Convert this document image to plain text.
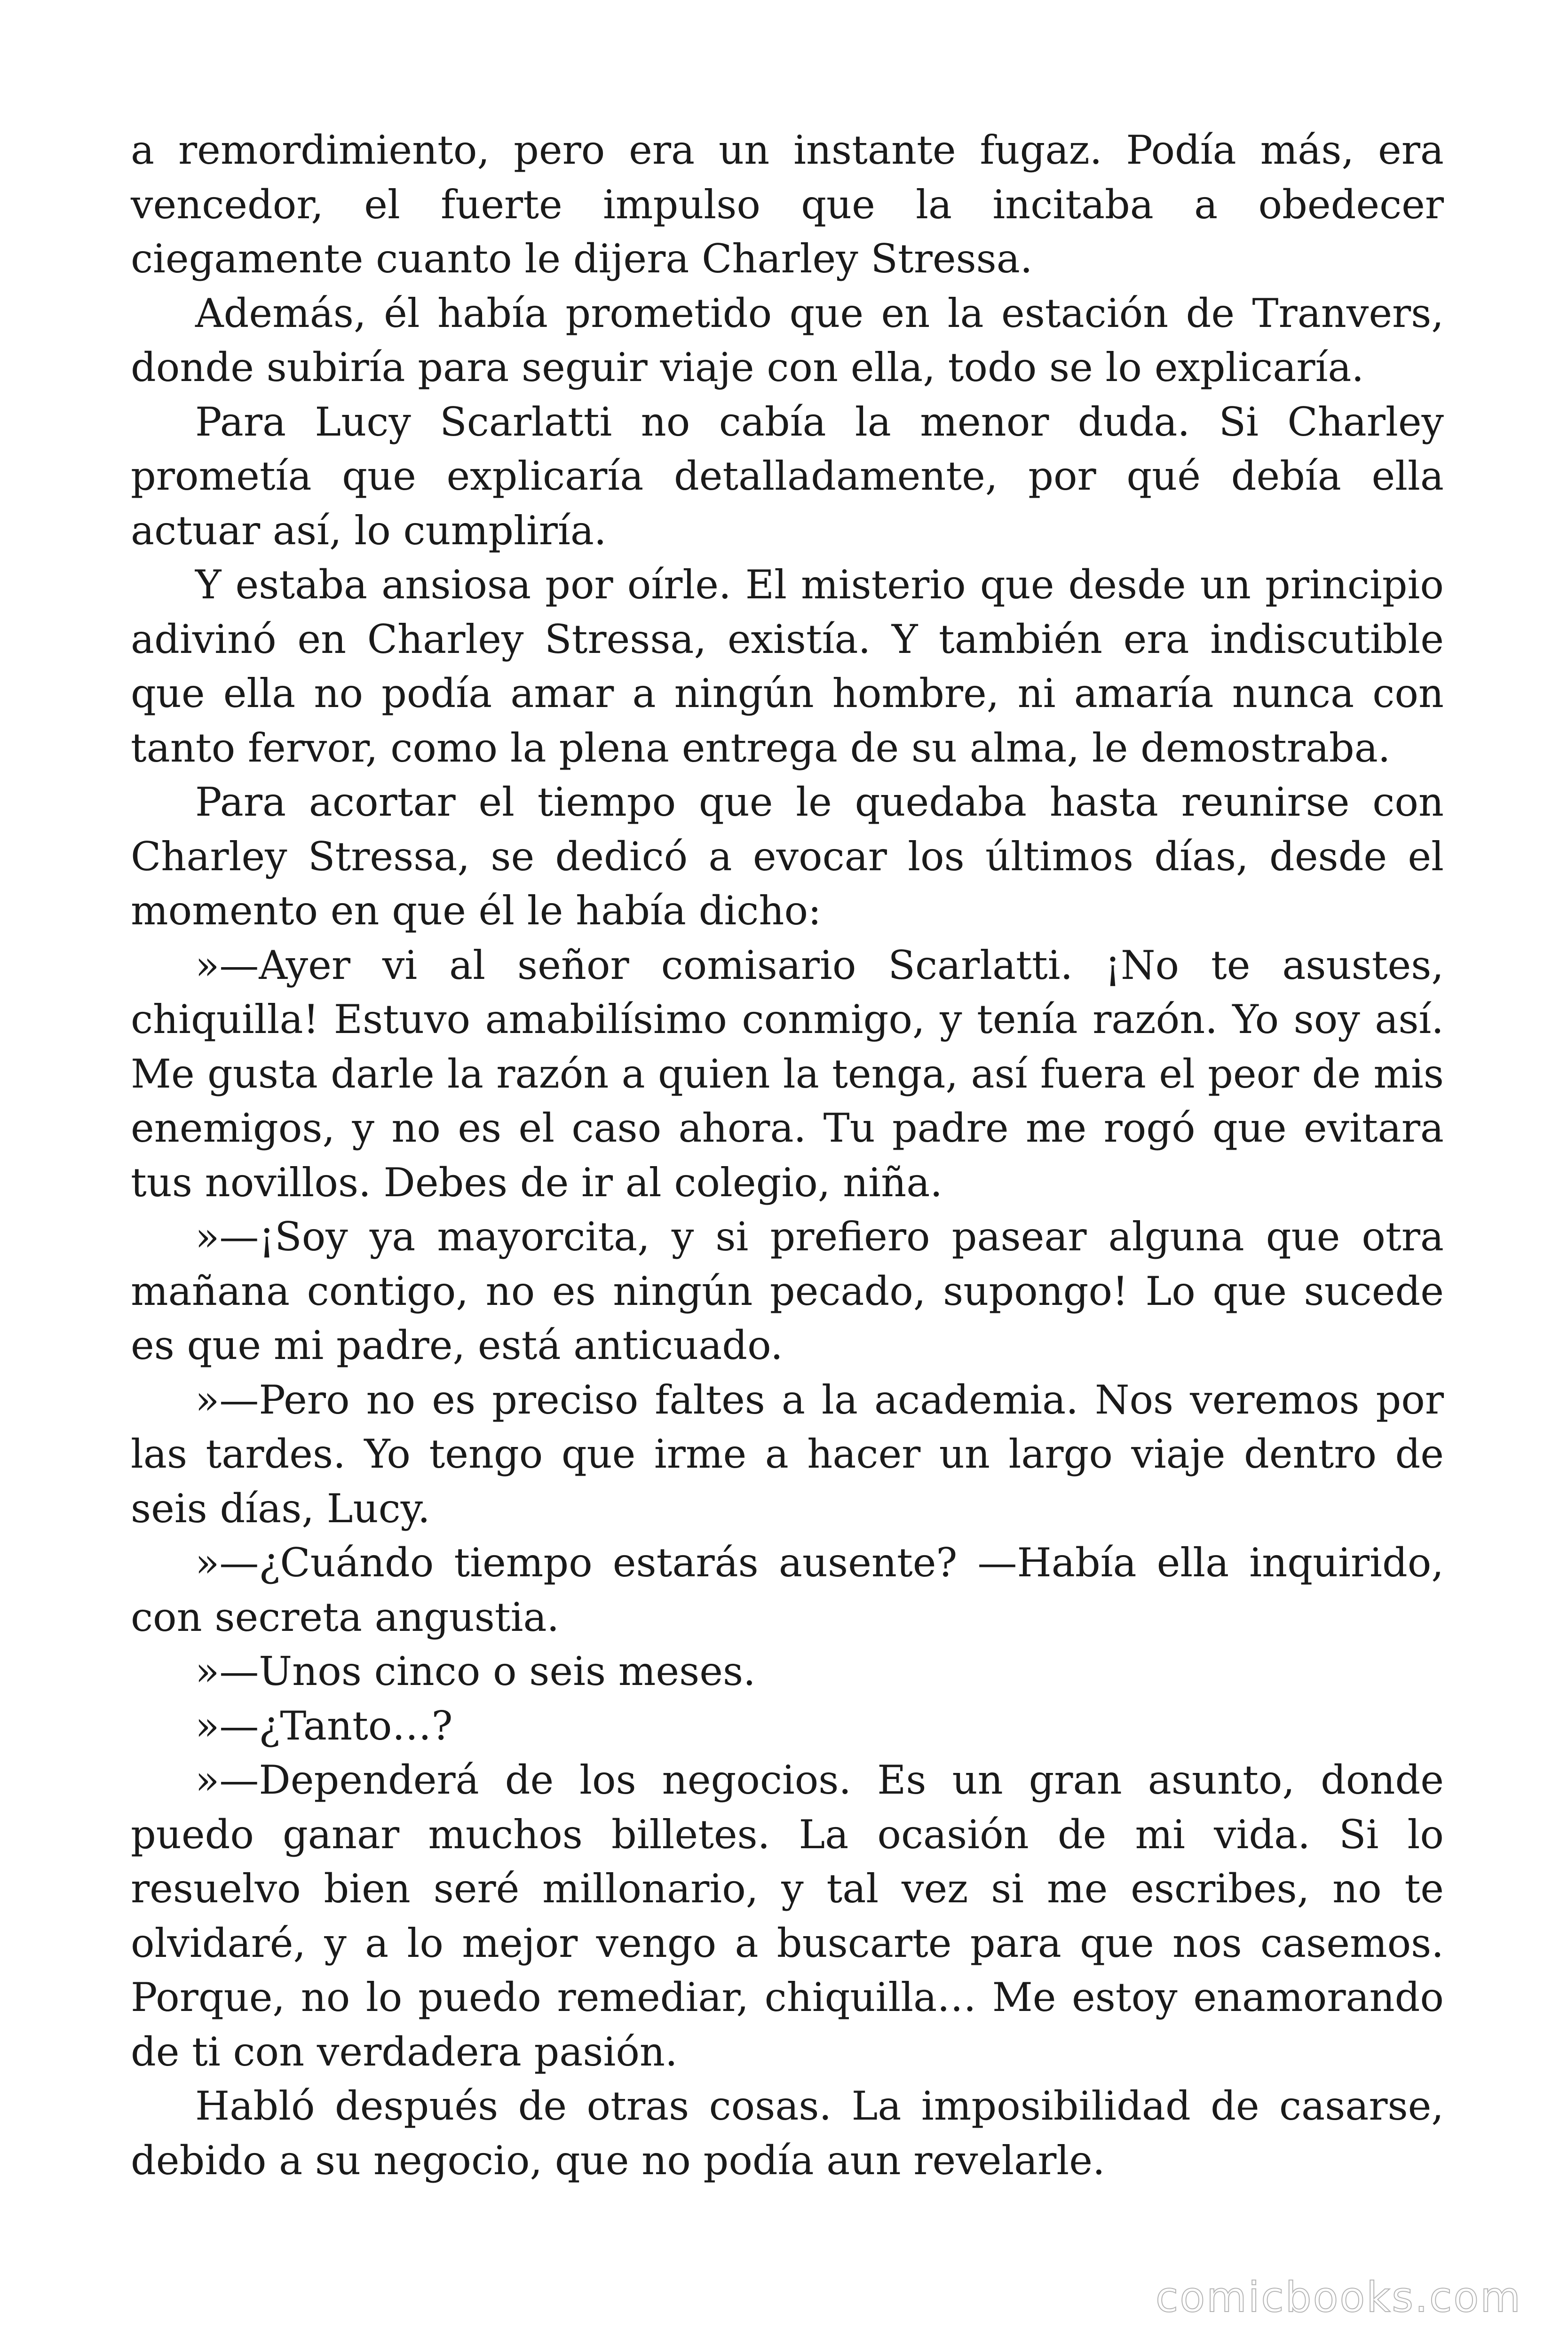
a remordimiento, pero era un instante fugaz. Podía más, era vencedor, el fuerte impulso que la incitaba a obedecer ciegamente cuanto le dijera Charley Stressa.

Además, él había prometido que en la estación de Tranvers, donde subiría para seguir viaje con ella, todo se lo explicaría.

Para Lucy Scarlatti no cabía la menor duda. Si Charley prometía que explicaría detalladamente, por qué debía ella actuar así, lo cumpliría.

Y estaba ansiosa por oírle. El misterio que desde un principio adivinó en Charley Stressa, existía. Y también era indiscutible que ella no podía amar a ningún hombre, ni amaría nunca con tanto fervor, como la plena entrega de su alma, le demostraba.

Para acortar el tiempo que le quedaba hasta reunirse con Charley Stressa, se dedicó a evocar los últimos días, desde el momento en que él le había dicho:

»—Ayer vi al señor comisario Scarlatti. ¡No te asustes, chiquilla! Estuvo amabilísimo conmigo, y tenía razón. Yo soy así. Me gusta darle la razón a quien la tenga, así fuera el peor de mis enemigos, y no es el caso ahora. Tu padre me rogó que evitara tus novillos. Debes de ir al colegio, niña.

»—¡Soy ya mayorcita, y si prefiero pasear alguna que otra mañana contigo, no es ningún pecado, supongo! Lo que sucede es que mi padre, está anticuado.

»—Pero no es preciso faltes a la academia. Nos veremos por las tardes. Yo tengo que irme a hacer un largo viaje dentro de seis días, Lucy.

»—¿Cuándo tiempo estarás ausente? —Había ella inquirido, con secreta angustia.

»—Unos cinco o seis meses.

»—¿Tanto…?

»—Dependerá de los negocios. Es un gran asunto, donde puedo ganar muchos billetes. La ocasión de mi vida. Si lo resuelvo bien seré millonario, y tal vez si me escribes, no te olvidaré, y a lo mejor vengo a buscarte para que nos casemos. Porque, no lo puedo remediar, chiquilla… Me estoy enamorando de ti con verdadera pasión.

Habló después de otras cosas. La imposibilidad de casarse, debido a su negocio, que no podía aun revelarle.

comicbooks.com
